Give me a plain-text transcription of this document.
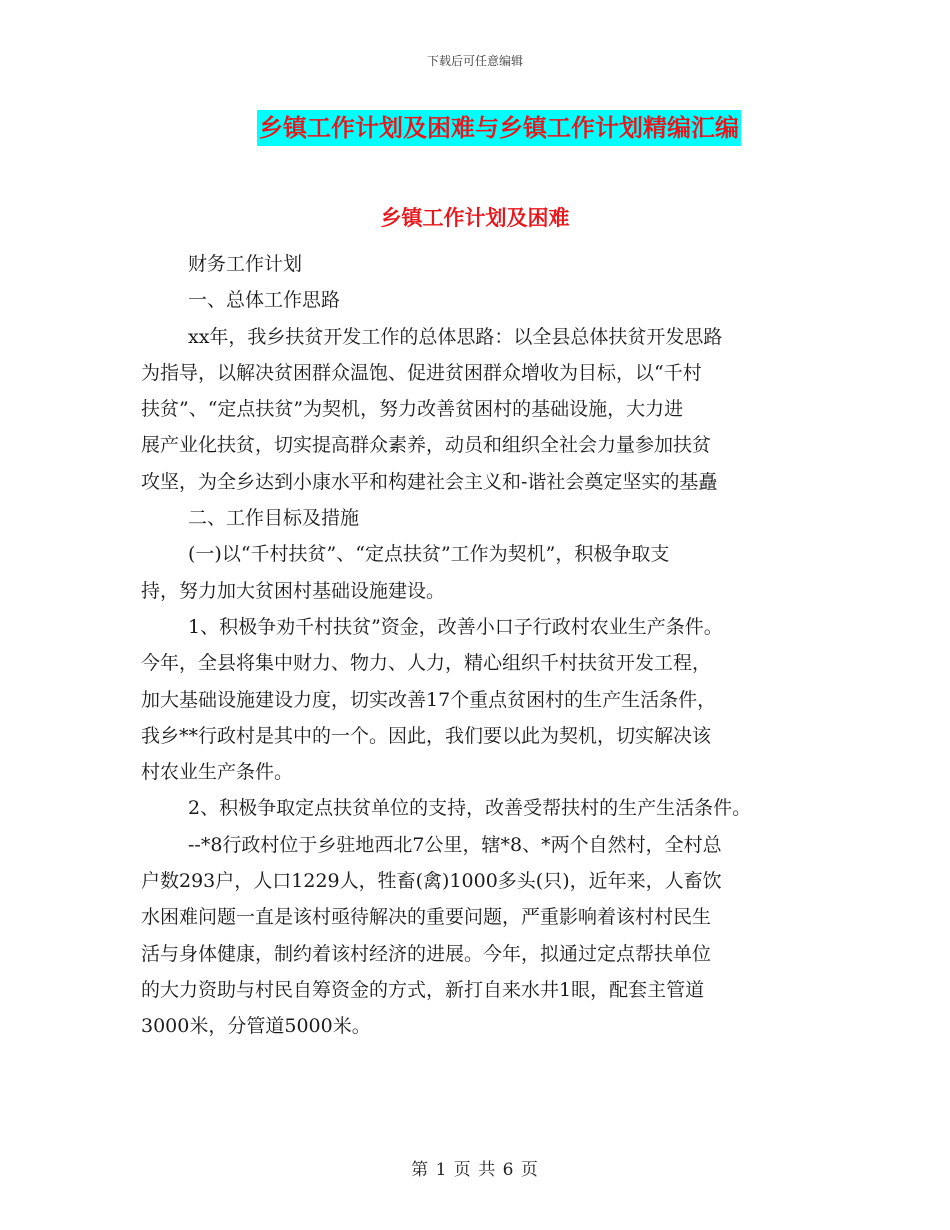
下载后可任意编辑
乡镇工作计划及困难与乡镇工作计划精编汇编
乡镇工作计划及困难

财务工作计划

一、总体工作思路

xx年，我乡扶贫开发工作的总体思路：以全县总体扶贫开发思路

为指导，以解决贫困群众温饱、促进贫困群众增收为目标，以“千村

扶贫”、“定点扶贫”为契机，努力改善贫困村的基础设施，大力进

展产业化扶贫，切实提高群众素养，动员和组织全社会力量参加扶贫

攻坚，为全乡达到小康水平和构建社会主义和-谐社会奠定坚实的基矗

二、工作目标及措施

(一)以“千村扶贫”、“定点扶贫”工作为契机”，积极争取支

持，努力加大贫困村基础设施建设。

1、积极争劝千村扶贫”资金，改善小口子行政村农业生产条件。

今年，全县将集中财力、物力、人力，精心组织千村扶贫开发工程，

加大基础设施建设力度，切实改善17个重点贫困村的生产生活条件，

我乡**行政村是其中的一个。因此，我们要以此为契机，切实解决该

村农业生产条件。

2、积极争取定点扶贫单位的支持，改善受帮扶村的生产生活条件。

--*8行政村位于乡驻地西北7公里，辖*8、*两个自然村，全村总

户数293户，人口1229人，牲畜(禽)1000多头(只)，近年来，人畜饮

水困难问题一直是该村亟待解决的重要问题，严重影响着该村村民生

活与身体健康，制约着该村经济的进展。今年，拟通过定点帮扶单位

的大力资助与村民自筹资金的方式，新打自来水井1眼，配套主管道

3000米，分管道5000米。

第 1 页 共 6 页
